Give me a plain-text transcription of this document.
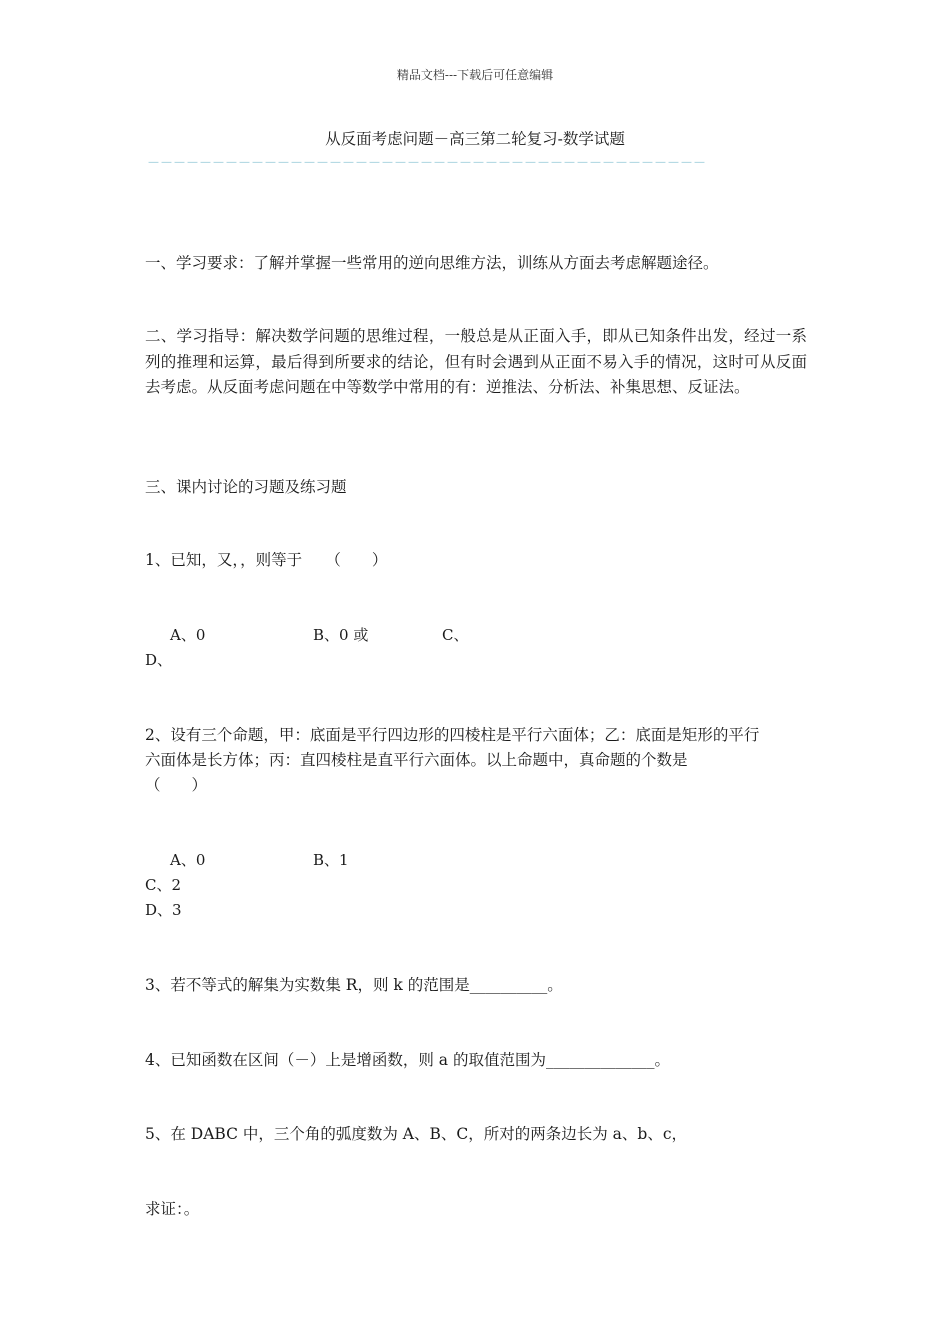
精品文档---下载后可任意编辑
从反面考虑问题－高三第二轮复习-数学试题
－－－－－－－－－－－－－－－－－－－－－－－－－－－－－－－－－－－－－－－－－－－
一、学习要求：了解并掌握一些常用的逆向思维方法，训练从方面去考虑解题途径。
二、学习指导：解决数学问题的思维过程，一般总是从正面入手，即从已知条件出发，经过一系列的推理和运算，最后得到所要求的结论，但有时会遇到从正面不易入手的情况，这时可从反面去考虑。从反面考虑问题在中等数学中常用的有：逆推法、分析法、补集思想、反证法。
三、课内讨论的习题及练习题
1、已知，又，，则等于　　（　　）
A、0	B、0 或	C、
D、
2、设有三个命题，甲：底面是平行四边形的四棱柱是平行六面体；乙：底面是矩形的平行
六面体是长方体；丙：直四棱柱是直平行六面体。以上命题中，真命题的个数是
（　　）
A、0	B、1
C、2
D、3
3、若不等式的解集为实数集 R，则 k 的范围是__________。
4、已知函数在区间（－）上是增函数，则 a 的取值范围为______________。
5、在 DABC 中，三个角的弧度数为 A、B、C，所对的两条边长为 a、b、c，
求证：。
